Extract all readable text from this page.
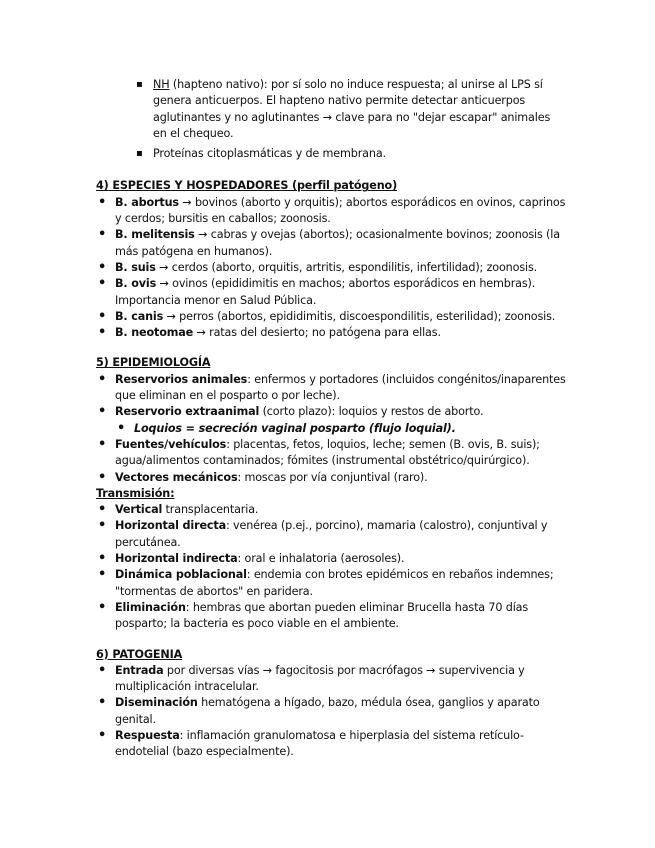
▪ NH (hapteno nativo): por sí solo no induce respuesta; al unirse al LPS sí genera anticuerpos. El hapteno nativo permite detectar anticuerpos aglutinantes y no aglutinantes → clave para no "dejar escapar" animales en el chequeo.
▪ Proteínas citoplasmáticas y de membrana.
4) ESPECIES Y HOSPEDADORES (perfil patógeno)
• B. abortus → bovinos (aborto y orquitis); abortos esporádicos en ovinos, caprinos y cerdos; bursitis en caballos; zoonosis.
• B. melitensis → cabras y ovejas (abortos); ocasionalmente bovinos; zoonosis (la más patógena en humanos).
• B. suis → cerdos (aborto, orquitis, artritis, espondilitis, infertilidad); zoonosis.
• B. ovis → ovinos (epididimitis en machos; abortos esporádicos en hembras). Importancia menor en Salud Pública.
• B. canis → perros (abortos, epididimitis, discoespondilitis, esterilidad); zoonosis.
• B. neotomae → ratas del desierto; no patógena para ellas.
5) EPIDEMIOLOGÍA
• Reservorios animales: enfermos y portadores (incluidos congénitos/inaparentes que eliminan en el posparto o por leche).
• Reservorio extraanimal (corto plazo): loquios y restos de aborto.
• Loquios = secreción vaginal posparto (flujo loquial).
• Fuentes/vehículos: placentas, fetos, loquios, leche; semen (B. ovis, B. suis); agua/alimentos contaminados; fómites (instrumental obstétrico/quirúrgico).
• Vectores mecánicos: moscas por vía conjuntival (raro).
Transmisión:
• Vertical transplacentaria.
• Horizontal directa: venérea (p.ej., porcino), mamaria (calostro), conjuntival y percutánea.
• Horizontal indirecta: oral e inhalatoria (aerosoles).
• Dinámica poblacional: endemia con brotes epidémicos en rebaños indemnes; "tormentas de abortos" en paridera.
• Eliminación: hembras que abortan pueden eliminar Brucella hasta 70 días posparto; la bacteria es poco viable en el ambiente.
6) PATOGENIA
• Entrada por diversas vías → fagocitosis por macrófagos → supervivencia y multiplicación intracelular.
• Diseminación hematógena a hígado, bazo, médula ósea, ganglios y aparato genital.
• Respuesta: inflamación granulomatosa e hiperplasia del sistema retículo-endotelial (bazo especialmente).
